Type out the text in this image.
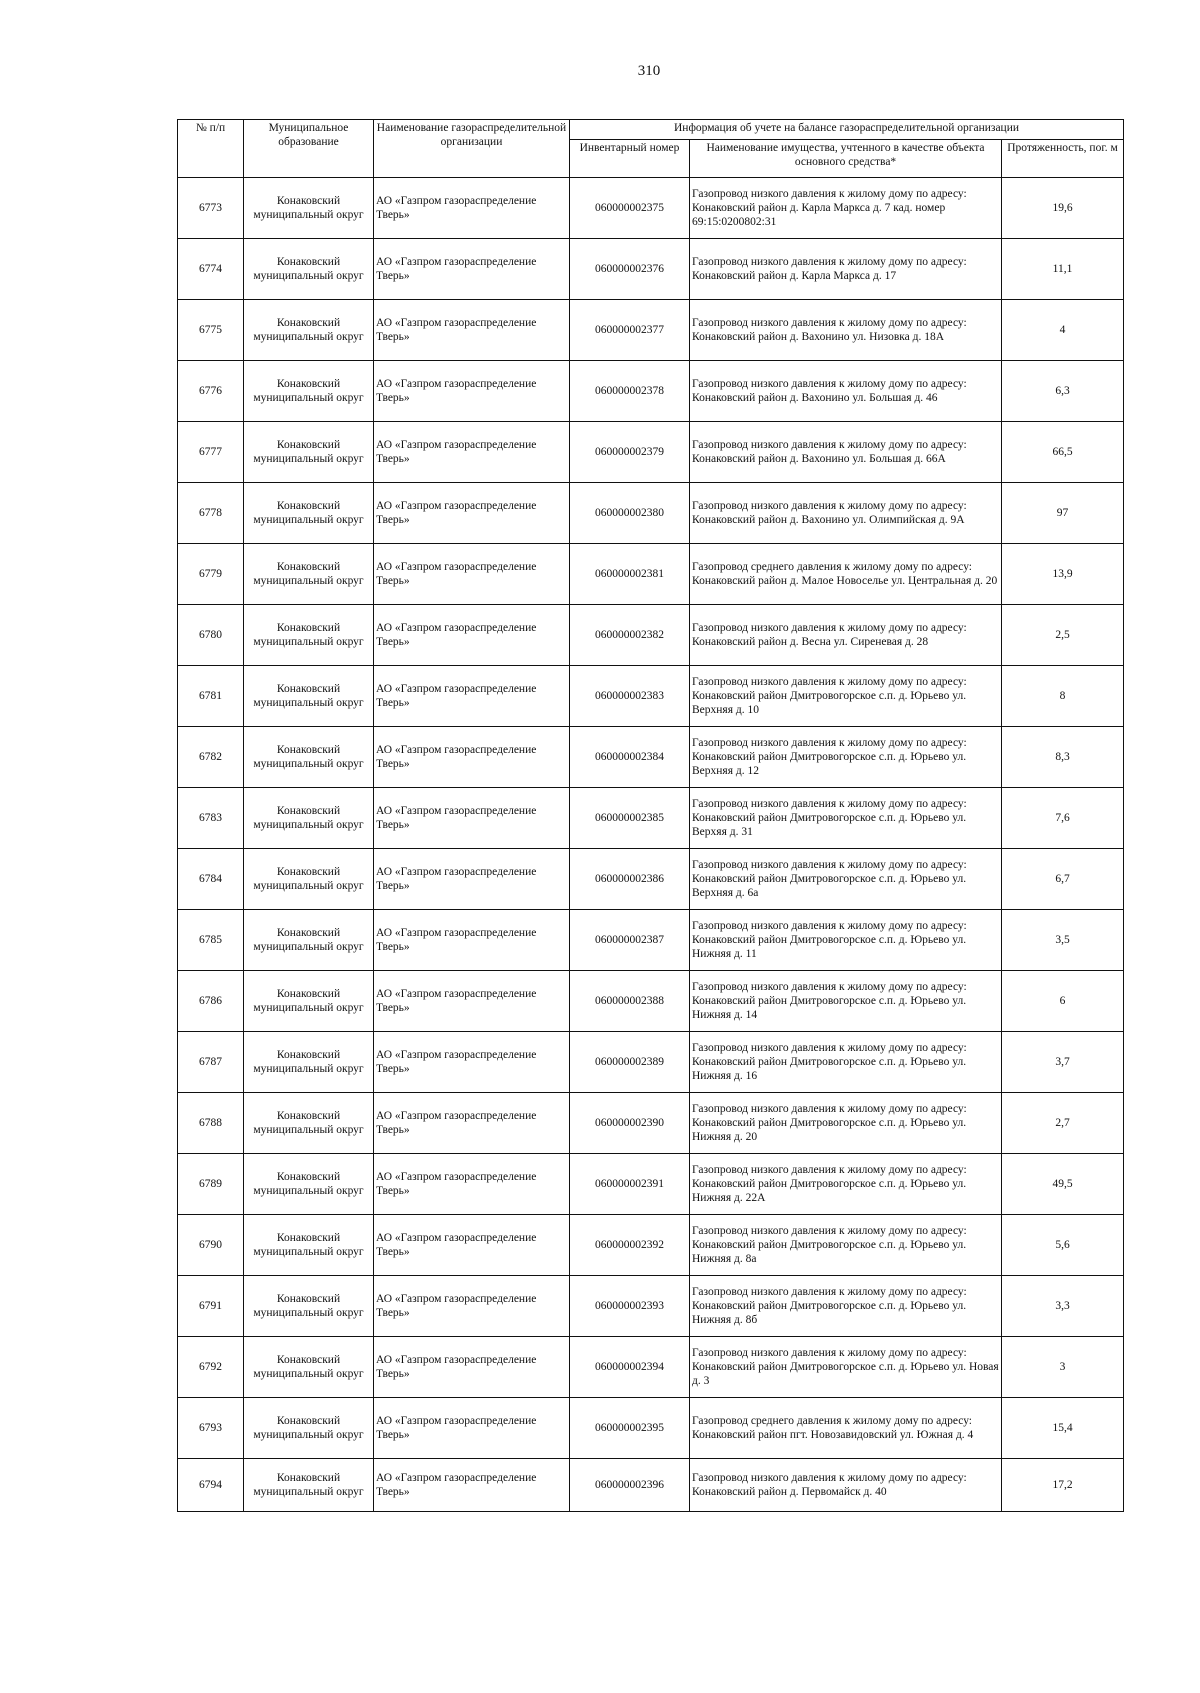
310
№ п/п	Муниципальное образование	Наименование газораспределительной организации	Информация об учете на балансе газораспределительной организации		
			Инвентарный номер	Наименование имущества, учтенного в качестве объекта основного средства*	Протяженность, пог. м
6773	Конаковский муниципальный округ	АО «Газпром газораспределение Тверь»	060000002375	Газопровод низкого давления к жилому дому по адресу: Конаковский район д. Карла Маркса д. 7 кад. номер 69:15:0200802:31	19,6
6774	Конаковский муниципальный округ	АО «Газпром газораспределение Тверь»	060000002376	Газопровод низкого давления к жилому дому по адресу: Конаковский район д. Карла Маркса д. 17	11,1
6775	Конаковский муниципальный округ	АО «Газпром газораспределение Тверь»	060000002377	Газопровод низкого давления к жилому дому по адресу: Конаковский район д. Вахонино ул. Низовка д. 18А	4
6776	Конаковский муниципальный округ	АО «Газпром газораспределение Тверь»	060000002378	Газопровод низкого давления к жилому дому по адресу: Конаковский район д. Вахонино ул. Большая д. 46	6,3
6777	Конаковский муниципальный округ	АО «Газпром газораспределение Тверь»	060000002379	Газопровод низкого давления к жилому дому по адресу: Конаковский район д. Вахонино ул. Большая д. 66А	66,5
6778	Конаковский муниципальный округ	АО «Газпром газораспределение Тверь»	060000002380	Газопровод низкого давления к жилому дому по адресу: Конаковский район д. Вахонино ул. Олимпийская д. 9А	97
6779	Конаковский муниципальный округ	АО «Газпром газораспределение Тверь»	060000002381	Газопровод среднего давления к жилому дому по адресу: Конаковский район д. Малое Новоселье ул. Центральная д. 20	13,9
6780	Конаковский муниципальный округ	АО «Газпром газораспределение Тверь»	060000002382	Газопровод низкого давления к жилому дому по адресу: Конаковский район д. Весна ул. Сиреневая д. 28	2,5
6781	Конаковский муниципальный округ	АО «Газпром газораспределение Тверь»	060000002383	Газопровод низкого давления к жилому дому по адресу: Конаковский район Дмитровогорское с.п. д. Юрьево ул. Верхняя д. 10	8
6782	Конаковский муниципальный округ	АО «Газпром газораспределение Тверь»	060000002384	Газопровод низкого давления к жилому дому по адресу: Конаковский район Дмитровогорское с.п. д. Юрьево ул. Верхняя д. 12	8,3
6783	Конаковский муниципальный округ	АО «Газпром газораспределение Тверь»	060000002385	Газопровод низкого давления к жилому дому по адресу: Конаковский район Дмитровогорское с.п. д. Юрьево ул. Верхяя д. 31	7,6
6784	Конаковский муниципальный округ	АО «Газпром газораспределение Тверь»	060000002386	Газопровод низкого давления к жилому дому по адресу: Конаковский район Дмитровогорское с.п. д. Юрьево ул. Верхняя д. 6а	6,7
6785	Конаковский муниципальный округ	АО «Газпром газораспределение Тверь»	060000002387	Газопровод низкого давления к жилому дому по адресу: Конаковский район Дмитровогорское с.п. д. Юрьево ул. Нижняя д. 11	3,5
6786	Конаковский муниципальный округ	АО «Газпром газораспределение Тверь»	060000002388	Газопровод низкого давления к жилому дому по адресу: Конаковский район Дмитровогорское с.п. д. Юрьево ул. Нижняя д. 14	6
6787	Конаковский муниципальный округ	АО «Газпром газораспределение Тверь»	060000002389	Газопровод низкого давления к жилому дому по адресу: Конаковский район Дмитровогорское с.п. д. Юрьево ул. Нижняя д. 16	3,7
6788	Конаковский муниципальный округ	АО «Газпром газораспределение Тверь»	060000002390	Газопровод низкого давления к жилому дому по адресу: Конаковский район Дмитровогорское с.п. д. Юрьево ул. Нижняя д. 20	2,7
6789	Конаковский муниципальный округ	АО «Газпром газораспределение Тверь»	060000002391	Газопровод низкого давления к жилому дому по адресу: Конаковский район Дмитровогорское с.п. д. Юрьево ул. Нижняя д. 22А	49,5
6790	Конаковский муниципальный округ	АО «Газпром газораспределение Тверь»	060000002392	Газопровод низкого давления к жилому дому по адресу: Конаковский район Дмитровогорское с.п. д. Юрьево ул. Нижняя д. 8а	5,6
6791	Конаковский муниципальный округ	АО «Газпром газораспределение Тверь»	060000002393	Газопровод низкого давления к жилому дому по адресу: Конаковский район Дмитровогорское с.п. д. Юрьево ул. Нижняя д. 8б	3,3
6792	Конаковский муниципальный округ	АО «Газпром газораспределение Тверь»	060000002394	Газопровод низкого давления к жилому дому по адресу: Конаковский район Дмитровогорское с.п. д. Юрьево ул. Новая д. 3	3
6793	Конаковский муниципальный округ	АО «Газпром газораспределение Тверь»	060000002395	Газопровод среднего давления к жилому дому по адресу: Конаковский район пгт. Новозавидовский ул. Южная д. 4	15,4
6794	Конаковский муниципальный округ	АО «Газпром газораспределение Тверь»	060000002396	Газопровод низкого давления к жилому дому по адресу: Конаковский район д. Первомайск д. 40	17,2
